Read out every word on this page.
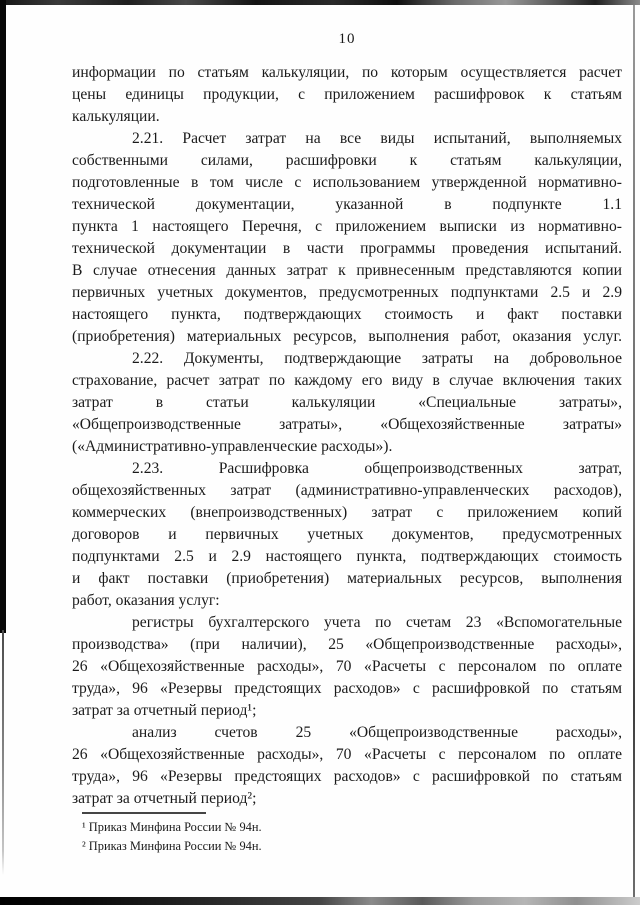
10
информации по статьям калькуляции, по которым осуществляется расчет
цены единицы продукции, с приложением расшифровок к статьям
калькуляции.
2.21. Расчет затрат на все виды испытаний, выполняемых
собственными силами, расшифровки к статьям калькуляции,
подготовленные в том числе с использованием утвержденной нормативно-
технической документации, указанной в подпункте 1.1
пункта 1 настоящего Перечня, с приложением выписки из нормативно-
технической документации в части программы проведения испытаний.
В случае отнесения данных затрат к привнесенным представляются копии
первичных учетных документов, предусмотренных подпунктами 2.5 и 2.9
настоящего пункта, подтверждающих стоимость и факт поставки
(приобретения) материальных ресурсов, выполнения работ, оказания услуг.
2.22. Документы, подтверждающие затраты на добровольное
страхование, расчет затрат по каждому его виду в случае включения таких
затрат в статьи калькуляции «Специальные затраты»,
«Общепроизводственные затраты», «Общехозяйственные затраты»
(«Административно-управленческие расходы»).
2.23. Расшифровка общепроизводственных затрат,
общехозяйственных затрат (административно-управленческих расходов),
коммерческих (внепроизводственных) затрат с приложением копий
договоров и первичных учетных документов, предусмотренных
подпунктами 2.5 и 2.9 настоящего пункта, подтверждающих стоимость
и факт поставки (приобретения) материальных ресурсов, выполнения
работ, оказания услуг:
регистры бухгалтерского учета по счетам 23 «Вспомогательные
производства» (при наличии), 25 «Общепроизводственные расходы»,
26 «Общехозяйственные расходы», 70 «Расчеты с персоналом по оплате
труда», 96 «Резервы предстоящих расходов» с расшифровкой по статьям
затрат за отчетный период¹;
анализ счетов 25 «Общепроизводственные расходы»,
26 «Общехозяйственные расходы», 70 «Расчеты с персоналом по оплате
труда», 96 «Резервы предстоящих расходов» с расшифровкой по статьям
затрат за отчетный период²;
¹ Приказ Минфина России № 94н.
² Приказ Минфина России № 94н.
